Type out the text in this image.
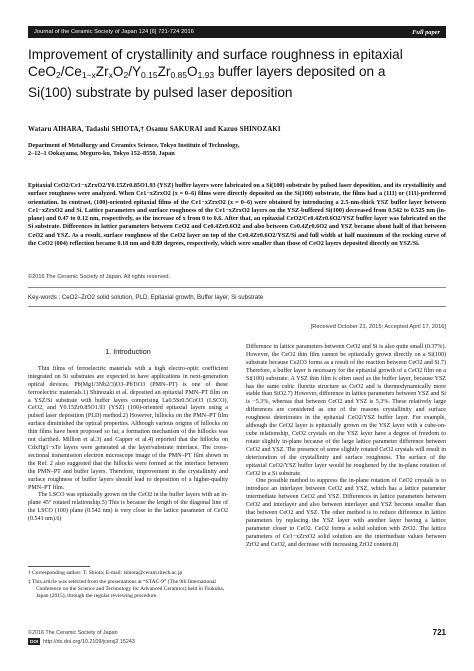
Journal of the Ceramic Society of Japan 124 [6] 721-724 2016	Full paper
Improvement of crystallinity and surface roughness in epitaxial
$CeO_2/Ce_{1-x}Zr_xO_2/Y_{0.15}Zr_{0.85}O_{1.93}$ buffer layers deposited on a
Si(100) substrate by pulsed laser deposition
Wataru AIHARA, Tadashi SHIOTA,† Osamu SAKURAI and Kazuo SHINOZAKI
Department of Metallurgy and Ceramics Science, Tokyo Institute of Technology,
2–12–1 Ookayama, Meguro-ku, Tokyo 152–8550, Japan
Epitaxial CeO2/Ce1−xZrxO2/Y0.15Zr0.85O1.93 (YSZ) buffer layers were fabricated on a Si(100) substrate by pulsed laser deposition, and its crystallinity and surface roughness were analyzed. When Ce1−xZrxO2 (x = 0–6) films were directly deposited on the Si(100) substrate, the films had a (111) or (111)-preferred orientation. In contrast, (100)-oriented epitaxial films of the Ce1−xZrxO2 (x = 0–6) were obtained by introducing a 2.5-nm-thick YSZ buffer layer between Ce1−xZrxO2 and Si. Lattice parameters and surface roughness of the Ce1−xZrxO2 layers on the YSZ-buffered Si(100) decreased from 0.542 to 0.525 nm (in-plane) and 0.47 to 0.12 nm, respectively, as the increase of x from 0 to 0.6. After that, an epitaxial CeO2/Ce0.4Zr0.6O2/YSZ buffer layer was fabricated on the Si substrate. Differences in lattice parameters between CeO2 and Ce0.4Zr0.6O2 and also between Ce0.4Zr0.6O2 and YSZ became about half of that between CeO2 and YSZ. As a result, surface roughness of the CeO2 layer on top of the Ce0.4Zr0.6O2/YSZ/Si and full width at half maximum of the rocking curve of the CeO2 (004) reflection became 0.18 nm and 0.89 degrees, respectively, which were smaller than those of CeO2 layers deposited directly on YSZ/Si.
©2016 The Ceramic Society of Japan. All rights reserved.
Key-words : CeO2–ZrO2 solid solution, PLD, Epitaxial growth, Buffer layer, Si substrate
[Received October 21, 2015; Accepted April 17, 2016]
1. Introduction

Thin films of ferroelectric materials with a high electro-optic coefficient integrated on Si substrates are expected to have applications in next-generation optical devices. Pb(Mg1/3Nb2/3)O3–PbTiO3 (PMN–PT) is one of these ferroelectric materials.1) Shinozaki et al. deposited an epitaxial PMN–PT film on a YSZ/Si substrate with buffer layers comprising La0.5Sr0.5CoO3 (LSCO), CeO2, and Y0.15Zr0.85O1.93 (YSZ) (100)-oriented epitaxial layers using a pulsed laser deposition (PLD) method.2) However, hillocks on the PMN–PT film surface diminished the optical properties. Although various origins of hillocks on thin films have been proposed so far, a formation mechanism of the hillocks was not clarified. Million et al.3) and Capper et al.4) reported that the hillocks on CdxHg1−xTe layers were generated at the layer/substrate interface. The cross-sectional transmission electron microscope image of the PMN–PT film shown in the Ref. 2 also suggested that the hillocks were formed at the interface between the PMN–PT and buffer layers. Therefore, improvement in the crystallinity and surface roughness of buffer layers should lead to deposition of a higher-quality PMN–PT film.

The LSCO was epitaxially grown on the CeO2 in the buffer layers with an in-plane 45° rotated relationship.5) This is because the length of the diagonal line of the LSCO (100) plane (0.542 nm) is very close to the lattice parameter of CeO2 (0.541 nm).6)

Difference in lattice parameters between CeO2 and Si is also quite small (0.37%). However, the CeO2 thin film cannot be epitaxially grown directly on a Si(100) substrate because Ce2O3 forms as a result of the reaction between CeO2 and Si.7) Therefore, a buffer layer is necessary for the epitaxial growth of a CeO2 film on a Si(100) substrate. A YSZ thin film is often used as the buffer layer, because YSZ has the same cubic fluorite structure as CeO2 and is thermodynamically more stable than SiO2.7) However, difference in lattice parameters between YSZ and Si is −5.3%, whereas that between CeO2 and YSZ is 5.3%. These relatively large differences are considered as one of the reasons crystallinity and surface roughness deteriorates in the epitaxial CeO2/YSZ buffer layer. For example, although the CeO2 layer is epitaxially grown on the YSZ layer with a cube-on-cube relationship, CeO2 crystals on the YSZ layer have a degree of freedom to rotate slightly in-plane because of the large lattice parameter difference between CeO2 and YSZ. The presence of some slightly rotated CeO2 crystals will result in deterioration of the crystallinity and surface roughness. The surface of the epitaxial CeO2/YSZ buffer layer would be roughened by the in-plane rotation of CeO2 in a Si substrate.

One possible method to suppress the in-plane rotation of CeO2 crystals is to introduce an interlayer between CeO2 and YSZ, which has a lattice parameter intermediate between CeO2 and YSZ. Differences in lattice parameters between CeO2 and interlayer and also between interlayer and YSZ become smaller than that between CeO2 and YSZ. The other method is to reduce difference in lattice parameters by replacing the YSZ layer with another layer having a lattice parameter closer to CeO2. CeO2 forms a solid solution with ZrO2. The lattice parameters of Ce1−xZrxO2 solid solution are the intermediate values between ZrO2 and CeO2, and decrease with increasing ZrO2 content.8)

† Corresponding author: T. Shiota; E-mail: tshiota@ceram.titech.ac.jp
‡ This article was selected from the presentations at “STAC-9” (The 9th International Conference on the Science and Technology for Advanced Ceramics) held in Tsukuba, Japan (2015), through the regular reviewing procedure.
©2016 The Ceramic Society of Japan
DOI http://dx.doi.org/10.2109/jcersj2.15243
721
